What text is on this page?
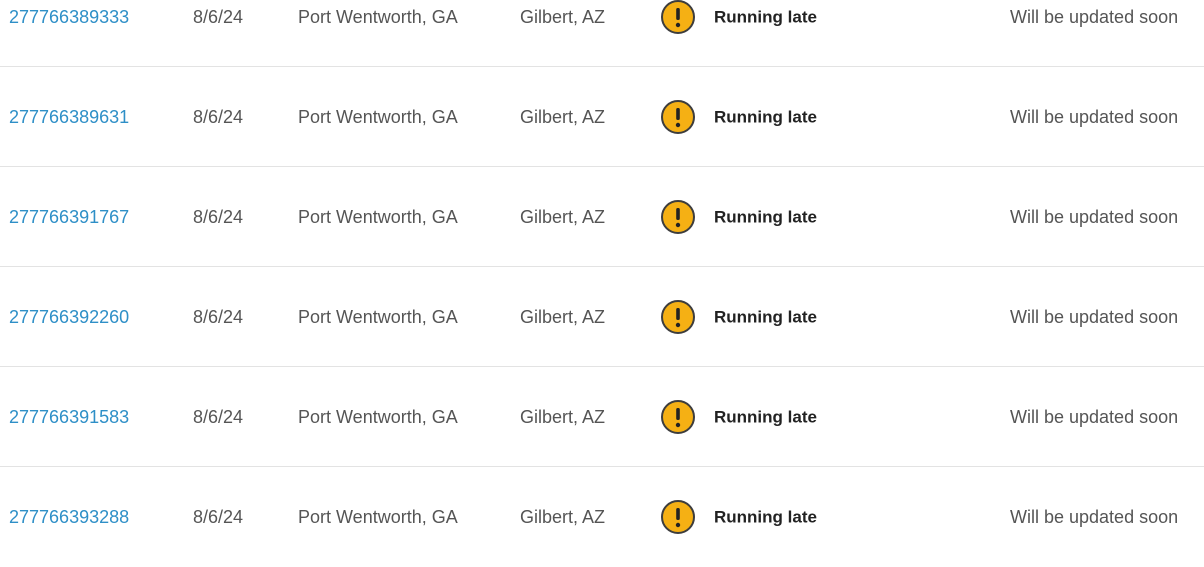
277766389333	8/6/24	Port Wentworth, GA	Gilbert, AZ	Running late	Will be updated soon
277766389631	8/6/24	Port Wentworth, GA	Gilbert, AZ	Running late	Will be updated soon
277766391767	8/6/24	Port Wentworth, GA	Gilbert, AZ	Running late	Will be updated soon
277766392260	8/6/24	Port Wentworth, GA	Gilbert, AZ	Running late	Will be updated soon
277766391583	8/6/24	Port Wentworth, GA	Gilbert, AZ	Running late	Will be updated soon
277766393288	8/6/24	Port Wentworth, GA	Gilbert, AZ	Running late	Will be updated soon
